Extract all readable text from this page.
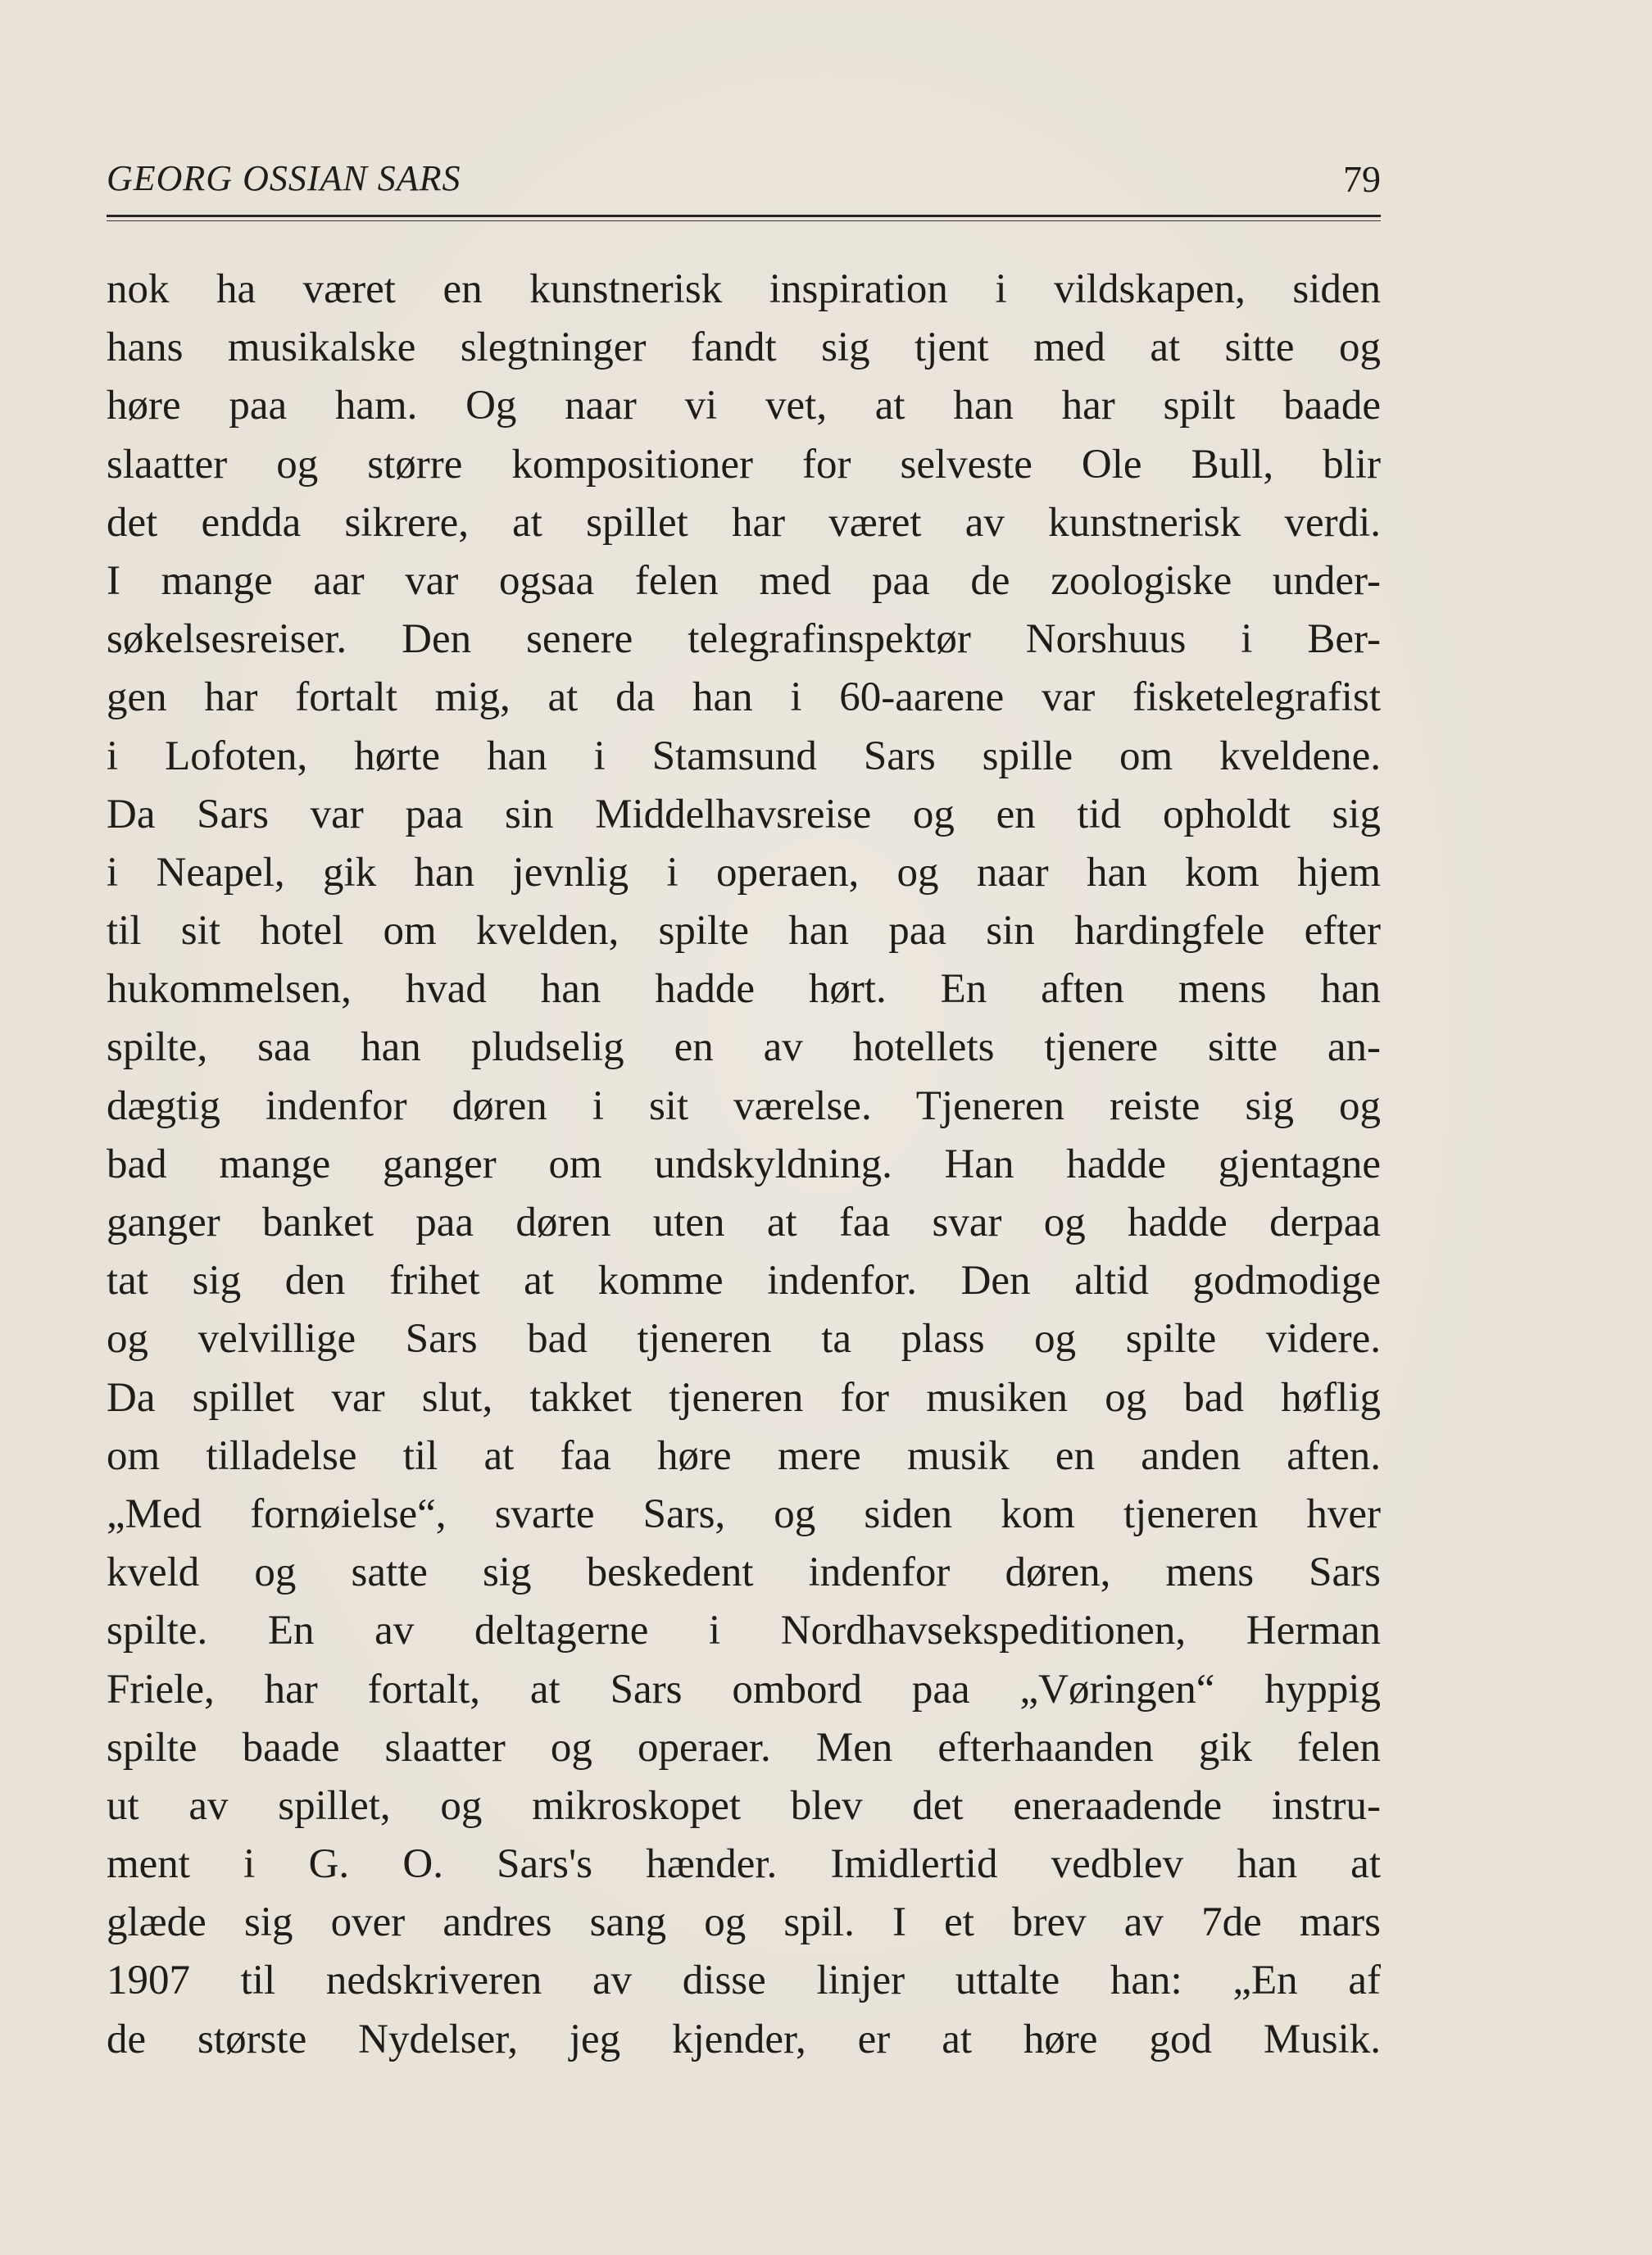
GEORG OSSIAN SARS	79
nok ha været en kunstnerisk inspiration i vildskapen, siden
hans musikalske slegtninger fandt sig tjent med at sitte og
høre paa ham. Og naar vi vet, at han har spilt baade
slaatter og større kompositioner for selveste Ole Bull, blir
det endda sikrere, at spillet har været av kunstnerisk verdi.
I mange aar var ogsaa felen med paa de zoologiske under-
søkelsesreiser. Den senere telegrafinspektør Norshuus i Ber-
gen har fortalt mig, at da han i 60-aarene var fisketelegrafist
i Lofoten, hørte han i Stamsund Sars spille om kveldene.
Da Sars var paa sin Middelhavsreise og en tid opholdt sig
i Neapel, gik han jevnlig i operaen, og naar han kom hjem
til sit hotel om kvelden, spilte han paa sin hardingfele efter
hukommelsen, hvad han hadde hørt. En aften mens han
spilte, saa han pludselig en av hotellets tjenere sitte an-
dægtig indenfor døren i sit værelse. Tjeneren reiste sig og
bad mange ganger om undskyldning. Han hadde gjentagne
ganger banket paa døren uten at faa svar og hadde derpaa
tat sig den frihet at komme indenfor. Den altid godmodige
og velvillige Sars bad tjeneren ta plass og spilte videre.
Da spillet var slut, takket tjeneren for musiken og bad høflig
om tilladelse til at faa høre mere musik en anden aften.
„Med fornøielse“, svarte Sars, og siden kom tjeneren hver
kveld og satte sig beskedent indenfor døren, mens Sars
spilte. En av deltagerne i Nordhavsekspeditionen, Herman
Friele, har fortalt, at Sars ombord paa „Vøringen“ hyppig
spilte baade slaatter og operaer. Men efterhaanden gik felen
ut av spillet, og mikroskopet blev det eneraadende instru-
ment i G. O. Sars's hænder. Imidlertid vedblev han at
glæde sig over andres sang og spil. I et brev av 7de mars
1907 til nedskriveren av disse linjer uttalte han: „En af
de største Nydelser, jeg kjender, er at høre god Musik.
